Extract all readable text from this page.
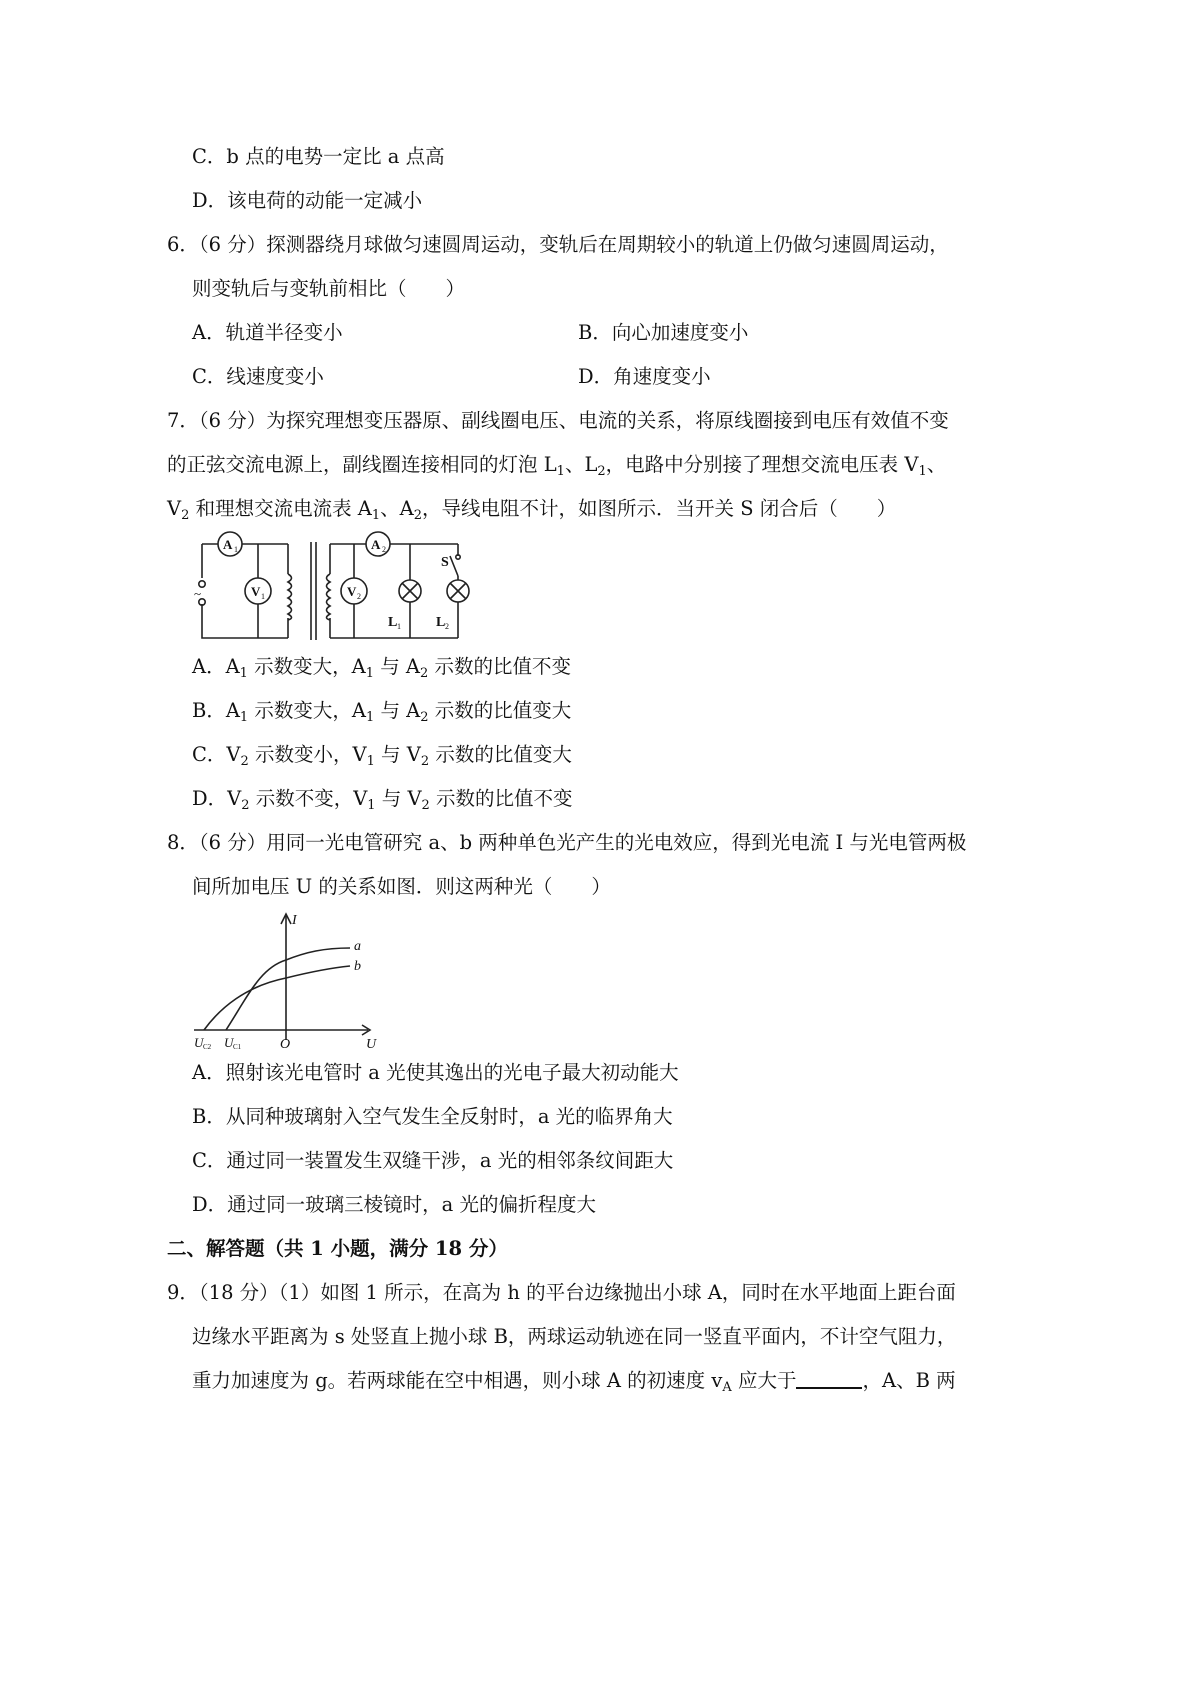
C．b 点的电势一定比 a 点高
D．该电荷的动能一定减小
6．（6 分）探测器绕月球做匀速圆周运动，变轨后在周期较小的轨道上仍做匀速圆周运动，
则变轨后与变轨前相比（　　）
A．轨道半径变小	B．向心加速度变小
C．线速度变小	D．角速度变小
7．（6 分）为探究理想变压器原、副线圈电压、电流的关系，将原线圈接到电压有效值不变
的正弦交流电源上，副线圈连接相同的灯泡 $L_1$、$L_2$，电路中分别接了理想交流电压表 $V_1$、
$V_2$ 和理想交流电流表 $A_1$、$A_2$，导线电阻不计，如图所示．当开关 S 闭合后（　　）
~
A 1
V 1
A 2
V 2
L 1	L 2
S
A．$A_1$ 示数变大，$A_1$ 与 $A_2$ 示数的比值不变
B．$A_1$ 示数变大，$A_1$ 与 $A_2$ 示数的比值变大
C．$V_2$ 示数变小，$V_1$ 与 $V_2$ 示数的比值变大
D．$V_2$ 示数不变，$V_1$ 与 $V_2$ 示数的比值不变
8．（6 分）用同一光电管研究 a、b 两种单色光产生的光电效应，得到光电流 I 与光电管两极
间所加电压 U 的关系如图．则这两种光（　　）
I
U
O
a
b
U C2 U C1
A．照射该光电管时 a 光使其逸出的光电子最大初动能大
B．从同种玻璃射入空气发生全反射时，a 光的临界角大
C．通过同一装置发生双缝干涉，a 光的相邻条纹间距大
D．通过同一玻璃三棱镜时，a 光的偏折程度大
二、解答题（共 1 小题，满分 18 分）
9．（18 分）（1）如图 1 所示，在高为 h 的平台边缘抛出小球 A，同时在水平地面上距台面
边缘水平距离为 s 处竖直上抛小球 B，两球运动轨迹在同一竖直平面内，不计空气阻力，
重力加速度为 g。若两球能在空中相遇，则小球 A 的初速度 $v_A$ 应大于	，A、B 两
